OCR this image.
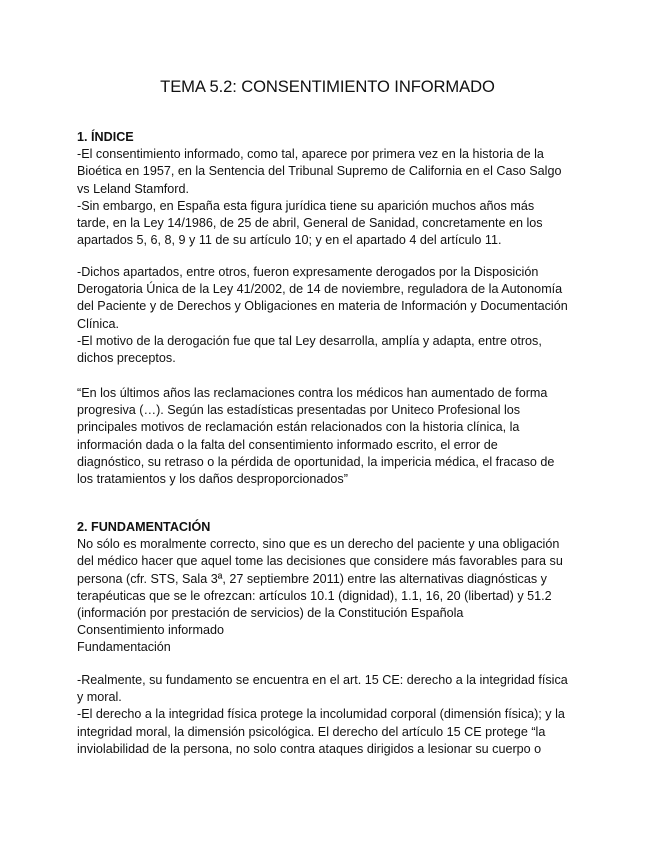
TEMA 5.2: CONSENTIMIENTO INFORMADO

1. ÍNDICE

-El consentimiento informado, como tal, aparece por primera vez en la historia de la
Bioética en 1957, en la Sentencia del Tribunal Supremo de California en el Caso Salgo
vs Leland Stamford.

-Sin embargo, en España esta figura jurídica tiene su aparición muchos años más
tarde, en la Ley 14/1986, de 25 de abril, General de Sanidad, concretamente en los
apartados 5, 6, 8, 9 y 11 de su artículo 10; y en el apartado 4 del artículo 11.

-Dichos apartados, entre otros, fueron expresamente derogados por la Disposición
Derogatoria Única de la Ley 41/2002, de 14 de noviembre, reguladora de la Autonomía
del Paciente y de Derechos y Obligaciones en materia de Información y Documentación
Clínica.

-El motivo de la derogación fue que tal Ley desarrolla, amplía y adapta, entre otros,
dichos preceptos.

“En los últimos años las reclamaciones contra los médicos han aumentado de forma
progresiva (…). Según las estadísticas presentadas por Uniteco Profesional los
principales motivos de reclamación están relacionados con la historia clínica, la
información dada o la falta del consentimiento informado escrito, el error de
diagnóstico, su retraso o la pérdida de oportunidad, la impericia médica, el fracaso de
los tratamientos y los daños desproporcionados”

2. FUNDAMENTACIÓN

No sólo es moralmente correcto, sino que es un derecho del paciente y una obligación
del médico hacer que aquel tome las decisiones que considere más favorables para su
persona (cfr. STS, Sala 3ª, 27 septiembre 2011) entre las alternativas diagnósticas y
terapéuticas que se le ofrezcan: artículos 10.1 (dignidad), 1.1, 16, 20 (libertad) y 51.2
(información por prestación de servicios) de la Constitución Española
Consentimiento informado
Fundamentación

-Realmente, su fundamento se encuentra en el art. 15 CE: derecho a la integridad física
y moral.
-El derecho a la integridad física protege la incolumidad corporal (dimensión física); y la
integridad moral, la dimensión psicológica. El derecho del artículo 15 CE protege “la
inviolabilidad de la persona, no solo contra ataques dirigidos a lesionar su cuerpo o
